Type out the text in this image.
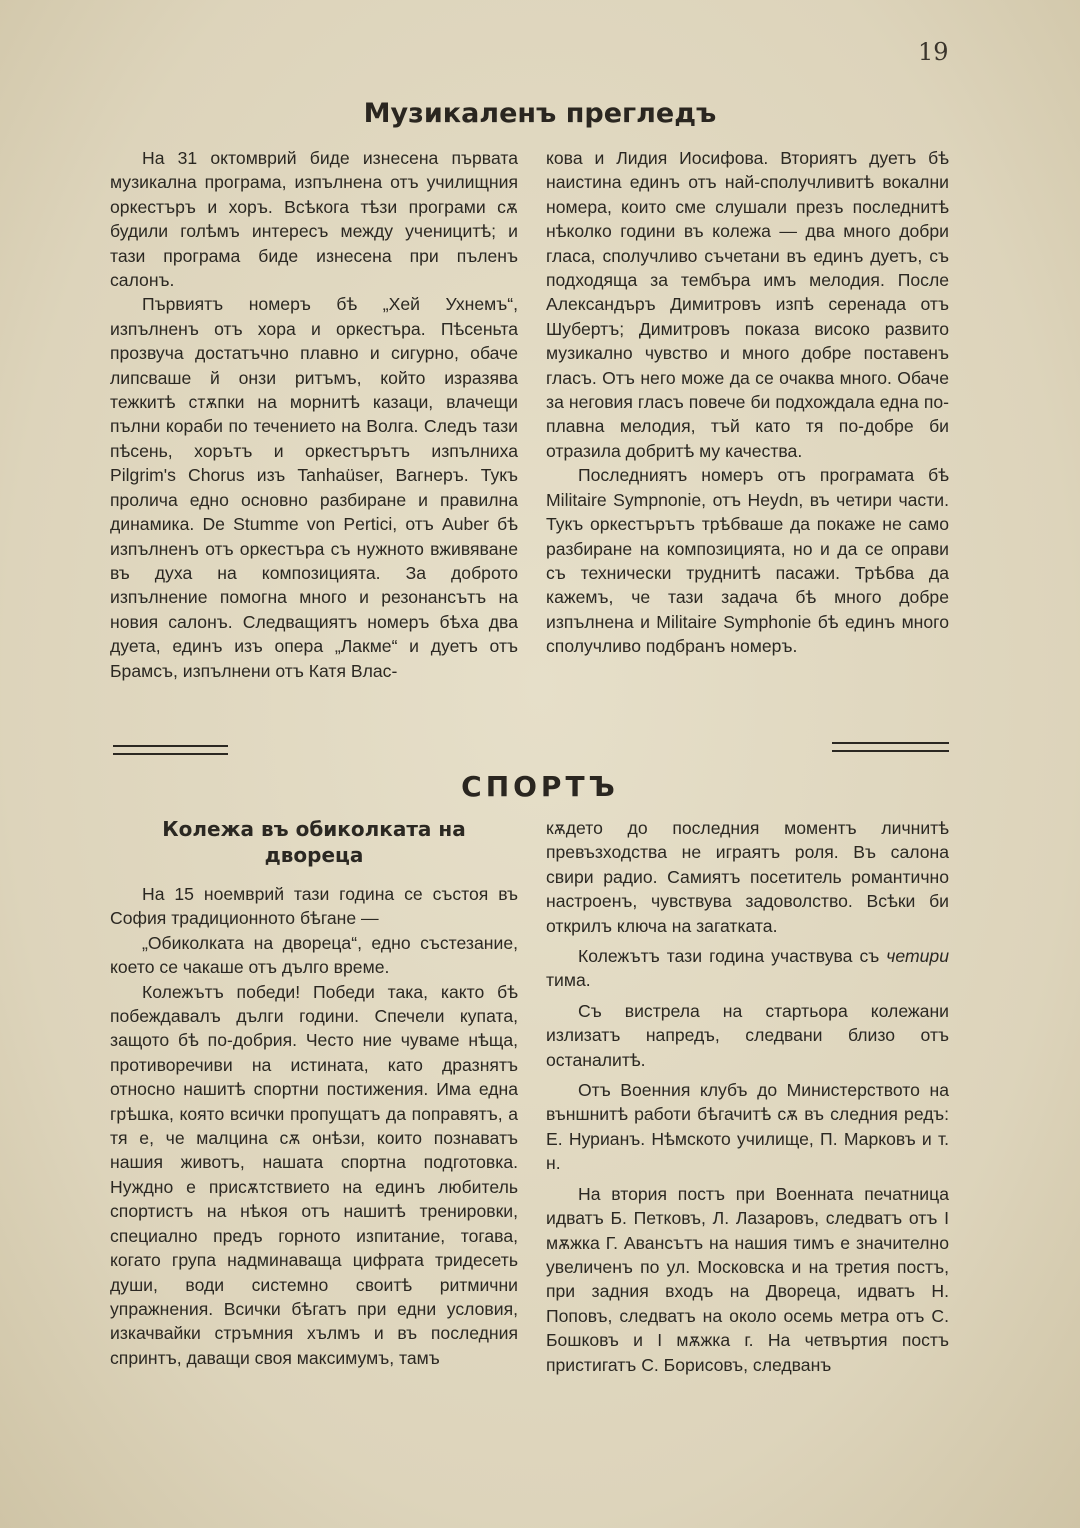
19
Музикаленъ прегледъ

На 31 октомврий биде изнесена първата музикална програма, изпълнена отъ училищния оркестъръ и хоръ. Всѣкога тѣзи програми сѫ будили голѣмъ интересъ между ученицитѣ; и тази програма биде изнесена при пъленъ салонъ.

Първиятъ номеръ бѣ „Хей Ухнемъ“, изпълненъ отъ хора и оркестъра. Пѣсеньта прозвуча достатъчно плавно и сигурно, обаче липсваше й онзи ритъмъ, който изразява тежкитѣ стѫпки на морнитѣ казаци, влачещи пълни кораби по течението на Волга. Следъ тази пѣсень, хорътъ и оркестърътъ изпълниха Pilgrim's Chorus изъ Tanhaüser, Вагнеръ. Тукъ пролича едно основно разбиране и правилна динамика. De Stumme von Pertici, отъ Auber бѣ изпълненъ отъ оркестъра съ нужното вживяване въ духа на композицията. За доброто изпълнение помогна много и резонансътъ на новия салонъ. Следващиятъ номеръ бѣха два дуета, единъ изъ опера „Лакме“ и дуетъ отъ Брамсъ, изпълнени отъ Катя Влас-

кова и Лидия Иосифова. Вториятъ дуетъ бѣ наистина единъ отъ най-сполучливитѣ вокални номера, които сме слушали презъ последнитѣ нѣколко години въ колежа — два много добри гласа, сполучливо съчетани въ единъ дуетъ, съ подходяща за тембъра имъ мелодия. После Александъръ Димитровъ изпѣ серенада отъ Шубертъ; Димитровъ показа високо развито музикално чувство и много добре поставенъ гласъ. Отъ него може да се очаква много. Обаче за неговия гласъ повече би подхождала една по-плавна мелодия, тъй като тя по-добре би отразила добритѣ му качества.

Последниятъ номеръ отъ програмата бѣ Militaire Sympnonie, отъ Heydn, въ четири части. Тукъ оркестърътъ трѣбваше да покаже не само разбиране на композицията, но и да се оправи съ технически труднитѣ пасажи. Трѣбва да кажемъ, че тази задача бѣ много добре изпълнена и Militaire Symphonie бѣ единъ много сполучливо подбранъ номеръ.

СПОРТЪ
Колежа въ обиколката на двореца

На 15 ноемврий тази година се състоя въ София традиционното бѣгане —

„Обиколката на двореца“, едно състезание, което се чакаше отъ дълго време.

Колежътъ победи! Победи така, както бѣ побеждавалъ дълги години. Спечели купата, защото бѣ по-добрия. Често ние чуваме нѣща, противоречиви на истината, като дразнятъ относно нашитѣ спортни постижения. Има една грѣшка, която всички пропущатъ да поправятъ, а тя е, че малцина сѫ онѣзи, които познаватъ нашия животъ, нашата спортна подготовка. Нуждно е присѫтствието на единъ любитель спортистъ на нѣкоя отъ нашитѣ тренировки, специално предъ горното изпитание, тогава, когато група надминаваща цифрата тридесеть души, води системно своитѣ ритмични упражнения. Всички бѣгатъ при едни условия, изкачвайки стръмния хълмъ и въ последния спринтъ, даващи своя максимумъ, тамъ

кѫдето до последния моментъ личнитѣ превъзходства не играятъ роля. Въ салона свири радио. Самиятъ посетитель романтично настроенъ, чувствува задоволство. Всѣки би открилъ ключа на загатката.

Колежътъ тази година участвува съ четири тима.

Съ вистрела на стартьора колежани излизатъ напредъ, следвани близо отъ останалитѣ.

Отъ Военния клубъ до Министерството на външнитѣ работи бѣгачитѣ сѫ въ следния редъ: Е. Нурианъ. Нѣмското училище, П. Марковъ и т. н.

На втория постъ при Военната печатница идватъ Б. Петковъ, Л. Лазаровъ, следватъ отъ I мѫжка Г. Авансътъ на нашия тимъ е значително увеличенъ по ул. Московска и на третия постъ, при задния входъ на Двореца, идватъ Н. Поповъ, следватъ на около осемь метра отъ С. Бошковъ и I мѫжка г. На четвъртия постъ пристигатъ С. Борисовъ, следванъ
